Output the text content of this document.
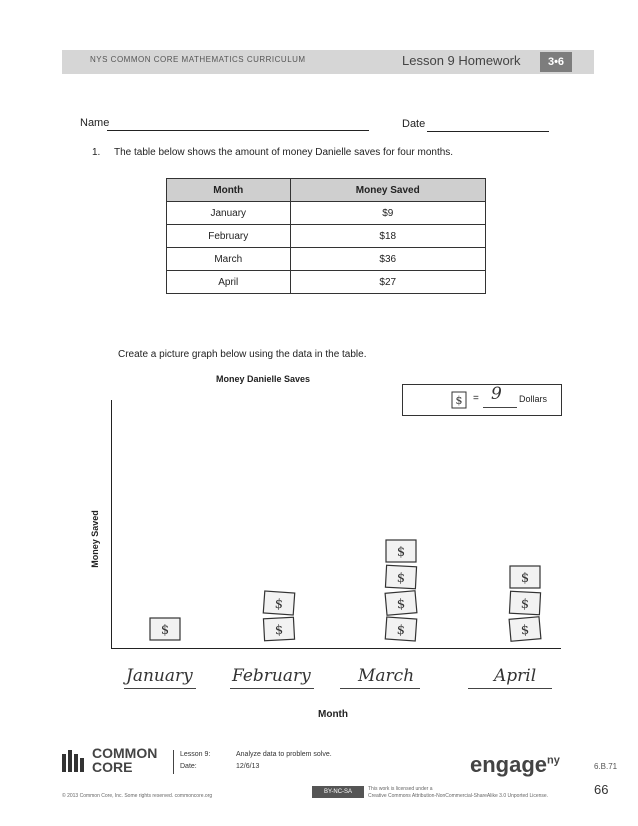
NYS COMMON CORE MATHEMATICS CURRICULUM	Lesson 9 Homework	3•6
Name	Date
1. The table below shows the amount of money Danielle saves for four months.
Month	Money Saved
January	$9
February	$18
March	$36
April	$27
Create a picture graph below using the data in the table.
Money Danielle Saves
$ = 9 Dollars
Money Saved
$	$
$
$
$
$
$
$
$
$
January February	March	April
Month
COMMON
CORE
Lesson 9:
Date:
Analyze data to problem solve.
12/6/13	engage$^{ny}$	6.B.71
66
© 2013 Common Core, Inc. Some rights reserved. commoncore.org
BY-NC-SA	This work is licensed under a
Creative Commons Attribution-NonCommercial-ShareAlike 3.0 Unported License.
